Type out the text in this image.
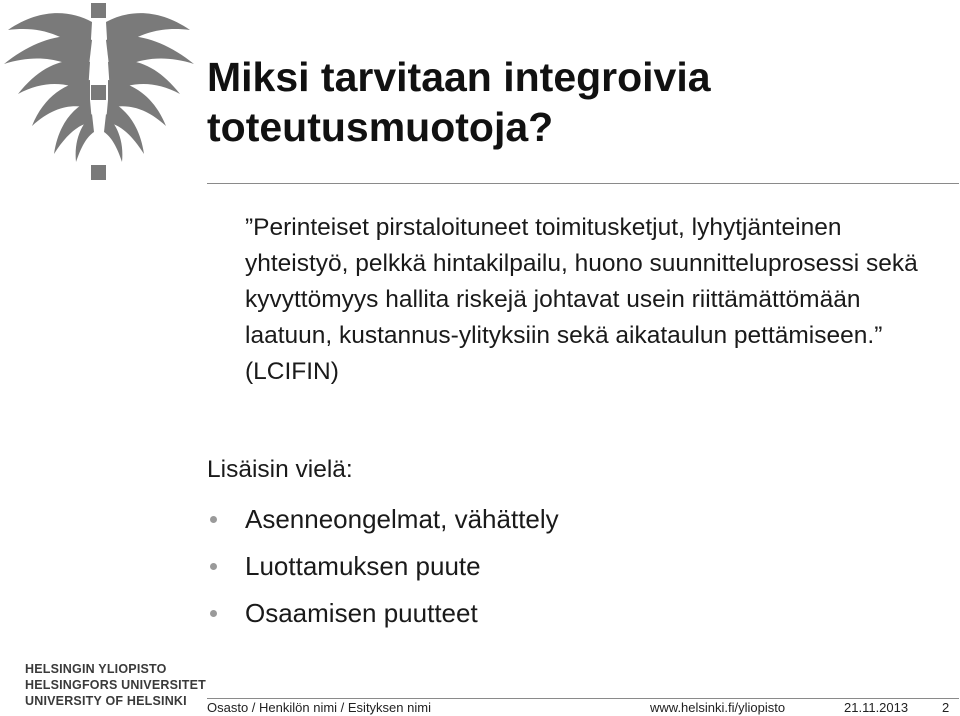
Miksi tarvitaan integroivia
toteutusmuotoja?

”Perinteiset pirstaloituneet toimitusketjut, lyhytjänteinen yhteistyö, pelkkä hintakilpailu, huono suunnitteluprosessi sekä kyvyttömyys hallita riskejä johtavat usein riittämättömään laatuun, kustannus-ylityksiin sekä aikataulun pettämiseen.” (LCIFIN)

Lisäisin vielä:

Asenneongelmat, vähättely
Luottamuksen puute
Osaamisen puutteet
HELSINGIN YLIOPISTO
HELSINGFORS UNIVERSITET
UNIVERSITY OF HELSINKI	Osasto / Henkilön nimi / Esityksen nimi	www.helsinki.fi/yliopisto	21.11.2013	2
